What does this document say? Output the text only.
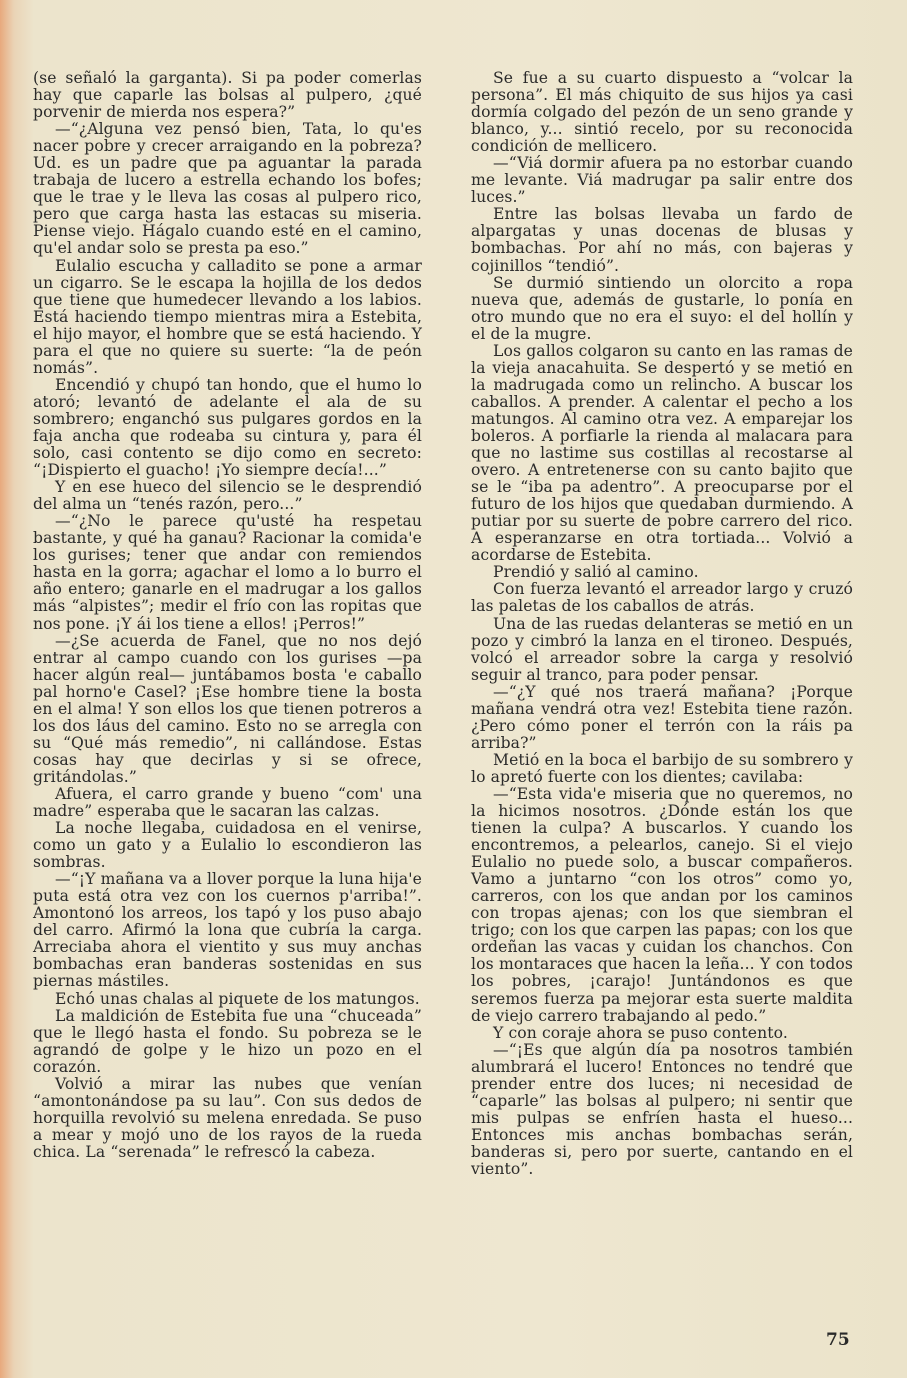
(se señaló la garganta). Si pa poder comerlas hay que caparle las bolsas al pulpero, ¿qué porvenir de mierda nos espera?”

—“¿Alguna vez pensó bien, Tata, lo qu'es nacer pobre y crecer arraigando en la pobreza? Ud. es un padre que pa aguantar la parada trabaja de lucero a estrella echando los bofes; que le trae y le lleva las cosas al pulpero rico, pero que carga hasta las estacas su miseria. Piense viejo. Hágalo cuando esté en el camino, qu'el andar solo se presta pa eso.”

Eulalio escucha y calladito se pone a armar un cigarro. Se le escapa la hojilla de los dedos que tiene que humedecer llevando a los labios. Está haciendo tiempo mientras mira a Estebita, el hijo mayor, el hombre que se está haciendo. Y para el que no quiere su suerte: “la de peón nomás”.

Encendió y chupó tan hondo, que el humo lo atoró; levantó de adelante el ala de su sombrero; enganchó sus pulgares gordos en la faja ancha que rodeaba su cintura y, para él solo, casi contento se dijo como en secreto: “¡Dispierto el guacho! ¡Yo siempre decía!...”

Y en ese hueco del silencio se le desprendió del alma un “tenés razón, pero...”

—“¿No le parece qu'usté ha respetau bastante, y qué ha ganau? Racionar la comida'e los gurises; tener que andar con remiendos hasta en la gorra; agachar el lomo a lo burro el año entero; ganarle en el madrugar a los gallos más “alpistes”; medir el frío con las ropitas que nos pone. ¡Y ái los tiene a ellos! ¡Perros!”

—¿Se acuerda de Fanel, que no nos dejó entrar al campo cuando con los gurises —pa hacer algún real— juntábamos bosta 'e caballo pal horno'e Casel? ¡Ese hombre tiene la bosta en el alma! Y son ellos los que tienen potreros a los dos láus del camino. Esto no se arregla con su “Qué más remedio”, ni callándose. Estas cosas hay que decirlas y si se ofrece, gritándolas.”

Afuera, el carro grande y bueno “com' una madre” esperaba que le sacaran las calzas.

La noche llegaba, cuidadosa en el venirse, como un gato y a Eulalio lo escondieron las sombras.

—“¡Y mañana va a llover porque la luna hija'e puta está otra vez con los cuernos p'arriba!”. Amontonó los arreos, los tapó y los puso abajo del carro. Afirmó la lona que cubría la carga. Arreciaba ahora el vientito y sus muy anchas bombachas eran banderas sostenidas en sus piernas mástiles.

Echó unas chalas al piquete de los matungos.

La maldición de Estebita fue una “chuceada” que le llegó hasta el fondo. Su pobreza se le agrandó de golpe y le hizo un pozo en el corazón.

Volvió a mirar las nubes que venían “amontonándose pa su lau”. Con sus dedos de horquilla revolvió su melena enredada. Se puso a mear y mojó uno de los rayos de la rueda chica. La “serenada” le refrescó la cabeza.

Se fue a su cuarto dispuesto a “volcar la persona”. El más chiquito de sus hijos ya casi dormía colgado del pezón de un seno grande y blanco, y... sintió recelo, por su reconocida condición de mellicero.

—“Viá dormir afuera pa no estorbar cuando me levante. Viá madrugar pa salir entre dos luces.”

Entre las bolsas llevaba un fardo de alpargatas y unas docenas de blusas y bombachas. Por ahí no más, con bajeras y cojinillos “tendió”.

Se durmió sintiendo un olorcito a ropa nueva que, además de gustarle, lo ponía en otro mundo que no era el suyo: el del hollín y el de la mugre.

Los gallos colgaron su canto en las ramas de la vieja anacahuita. Se despertó y se metió en la madrugada como un relincho. A buscar los caballos. A prender. A calentar el pecho a los matungos. Al camino otra vez. A emparejar los boleros. A porfiarle la rienda al malacara para que no lastime sus costillas al recostarse al overo. A entretenerse con su canto bajito que se le “iba pa adentro”. A preocuparse por el futuro de los hijos que quedaban durmiendo. A putiar por su suerte de pobre carrero del rico. A esperanzarse en otra tortiada... Volvió a acordarse de Estebita.

Prendió y salió al camino.

Con fuerza levantó el arreador largo y cruzó las paletas de los caballos de atrás.

Una de las ruedas delanteras se metió en un pozo y cimbró la lanza en el tironeo. Después, volcó el arreador sobre la carga y resolvió seguir al tranco, para poder pensar.

—“¿Y qué nos traerá mañana? ¡Porque mañana vendrá otra vez! Estebita tiene razón. ¿Pero cómo poner el terrón con la ráis pa arriba?”

Metió en la boca el barbijo de su sombrero y lo apretó fuerte con los dientes; cavilaba:

—“Esta vida'e miseria que no queremos, no la hicimos nosotros. ¿Dónde están los que tienen la culpa? A buscarlos. Y cuando los encontremos, a pelearlos, canejo. Si el viejo Eulalio no puede solo, a buscar compañeros. Vamo a juntarno “con los otros” como yo, carreros, con los que andan por los caminos con tropas ajenas; con los que siembran el trigo; con los que carpen las papas; con los que ordeñan las vacas y cuidan los chanchos. Con los montaraces que hacen la leña... Y con todos los pobres, ¡carajo! Juntándonos es que seremos fuerza pa mejorar esta suerte maldita de viejo carrero trabajando al pedo.”

Y con coraje ahora se puso contento.

—“¡Es que algún día pa nosotros también alumbrará el lucero! Entonces no tendré que prender entre dos luces; ni necesidad de “caparle” las bolsas al pulpero; ni sentir que mis pulpas se enfríen hasta el hueso... Entonces mis anchas bombachas serán, banderas si, pero por suerte, cantando en el viento”.

75
